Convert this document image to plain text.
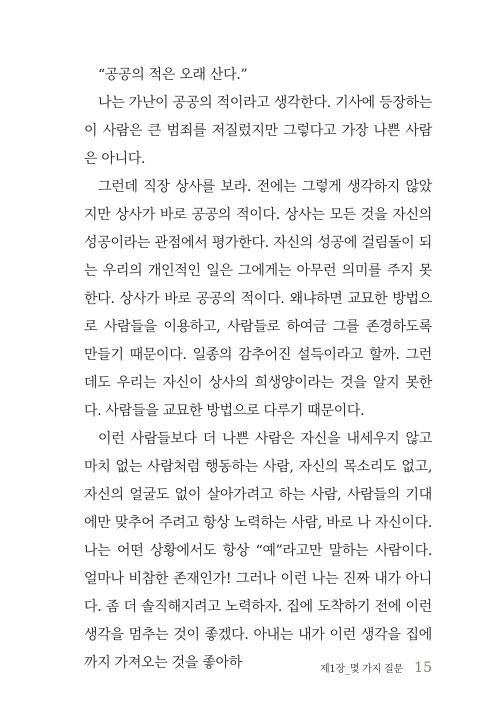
“공공의 적은 오래 산다.”

나는 가난이 공공의 적이라고 생각한다. 기사에 등장하는 이 사람은 큰 범죄를 저질렀지만 그렇다고 가장 나쁜 사람은 아니다.

그런데 직장 상사를 보라. 전에는 그렇게 생각하지 않았지만 상사가 바로 공공의 적이다. 상사는 모든 것을 자신의 성공이라는 관점에서 평가한다. 자신의 성공에 걸림돌이 되는 우리의 개인적인 일은 그에게는 아무런 의미를 주지 못한다. 상사가 바로 공공의 적이다. 왜냐하면 교묘한 방법으로 사람들을 이용하고, 사람들로 하여금 그를 존경하도록 만들기 때문이다. 일종의 감추어진 설득이라고 할까. 그런데도 우리는 자신이 상사의 희생양이라는 것을 알지 못한다. 사람들을 교묘한 방법으로 다루기 때문이다.

이런 사람들보다 더 나쁜 사람은 자신을 내세우지 않고 마치 없는 사람처럼 행동하는 사람, 자신의 목소리도 없고, 자신의 얼굴도 없이 살아가려고 하는 사람, 사람들의 기대에만 맞추어 주려고 항상 노력하는 사람, 바로 나 자신이다. 나는 어떤 상황에서도 항상 “예”라고만 말하는 사람이다. 얼마나 비참한 존재인가! 그러나 이런 나는 진짜 내가 아니다. 좀 더 솔직해지려고 노력하자. 집에 도착하기 전에 이런 생각을 멈추는 것이 좋겠다. 아내는 내가 이런 생각을 집에까지 가져오는 것을 좋아하	제1장_몇 가지 질문 15
